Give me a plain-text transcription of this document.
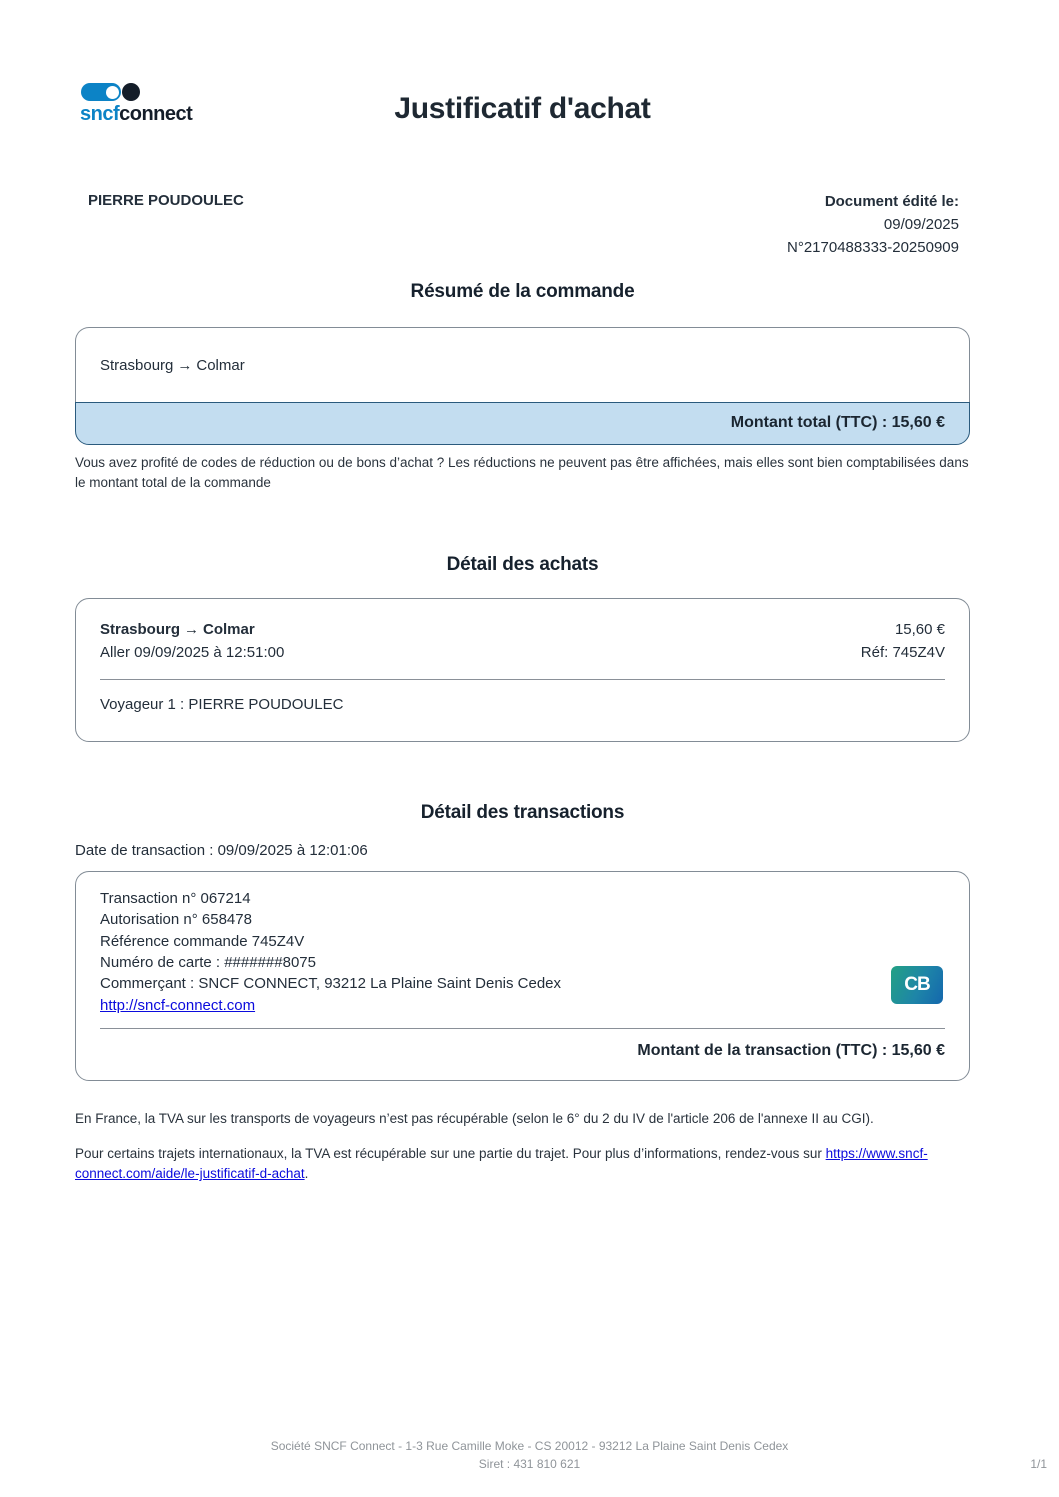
sncfconnect	Justificatif d'achat
PIERRE POUDOULEC	Document édité le:
09/09/2025
N°2170488333-20250909
Résumé de la commande
Strasbourg → Colmar
Montant total (TTC) : 15,60 €
Vous avez profité de codes de réduction ou de bons d’achat ? Les réductions ne peuvent pas être affichées, mais elles sont bien comptabilisées dans le montant total de la commande
Détail des achats
Strasbourg → Colmar	15,60 €
Aller 09/09/2025 à 12:51:00	Réf: 745Z4V
Voyageur 1 : PIERRE POUDOULEC
Détail des transactions
Date de transaction : 09/09/2025 à 12:01:06
Transaction n° 067214
Autorisation n° 658478
Référence commande 745Z4V
Numéro de carte : #######8075
Commerçant : SNCF CONNECT, 93212 La Plaine Saint Denis Cedex
http://sncf-connect.com
CB
Montant de la transaction (TTC) : 15,60 €
En France, la TVA sur les transports de voyageurs n’est pas récupérable (selon le 6° du 2 du IV de l'article 206 de l'annexe II au CGI).
Pour certains trajets internationaux, la TVA est récupérable sur une partie du trajet. Pour plus d’informations, rendez-vous sur https://www.sncf-connect.com/aide/le-justificatif-d-achat.
Société SNCF Connect - 1-3 Rue Camille Moke - CS 20012 - 93212 La Plaine Saint Denis Cedex
Siret : 431 810 621	1/1
